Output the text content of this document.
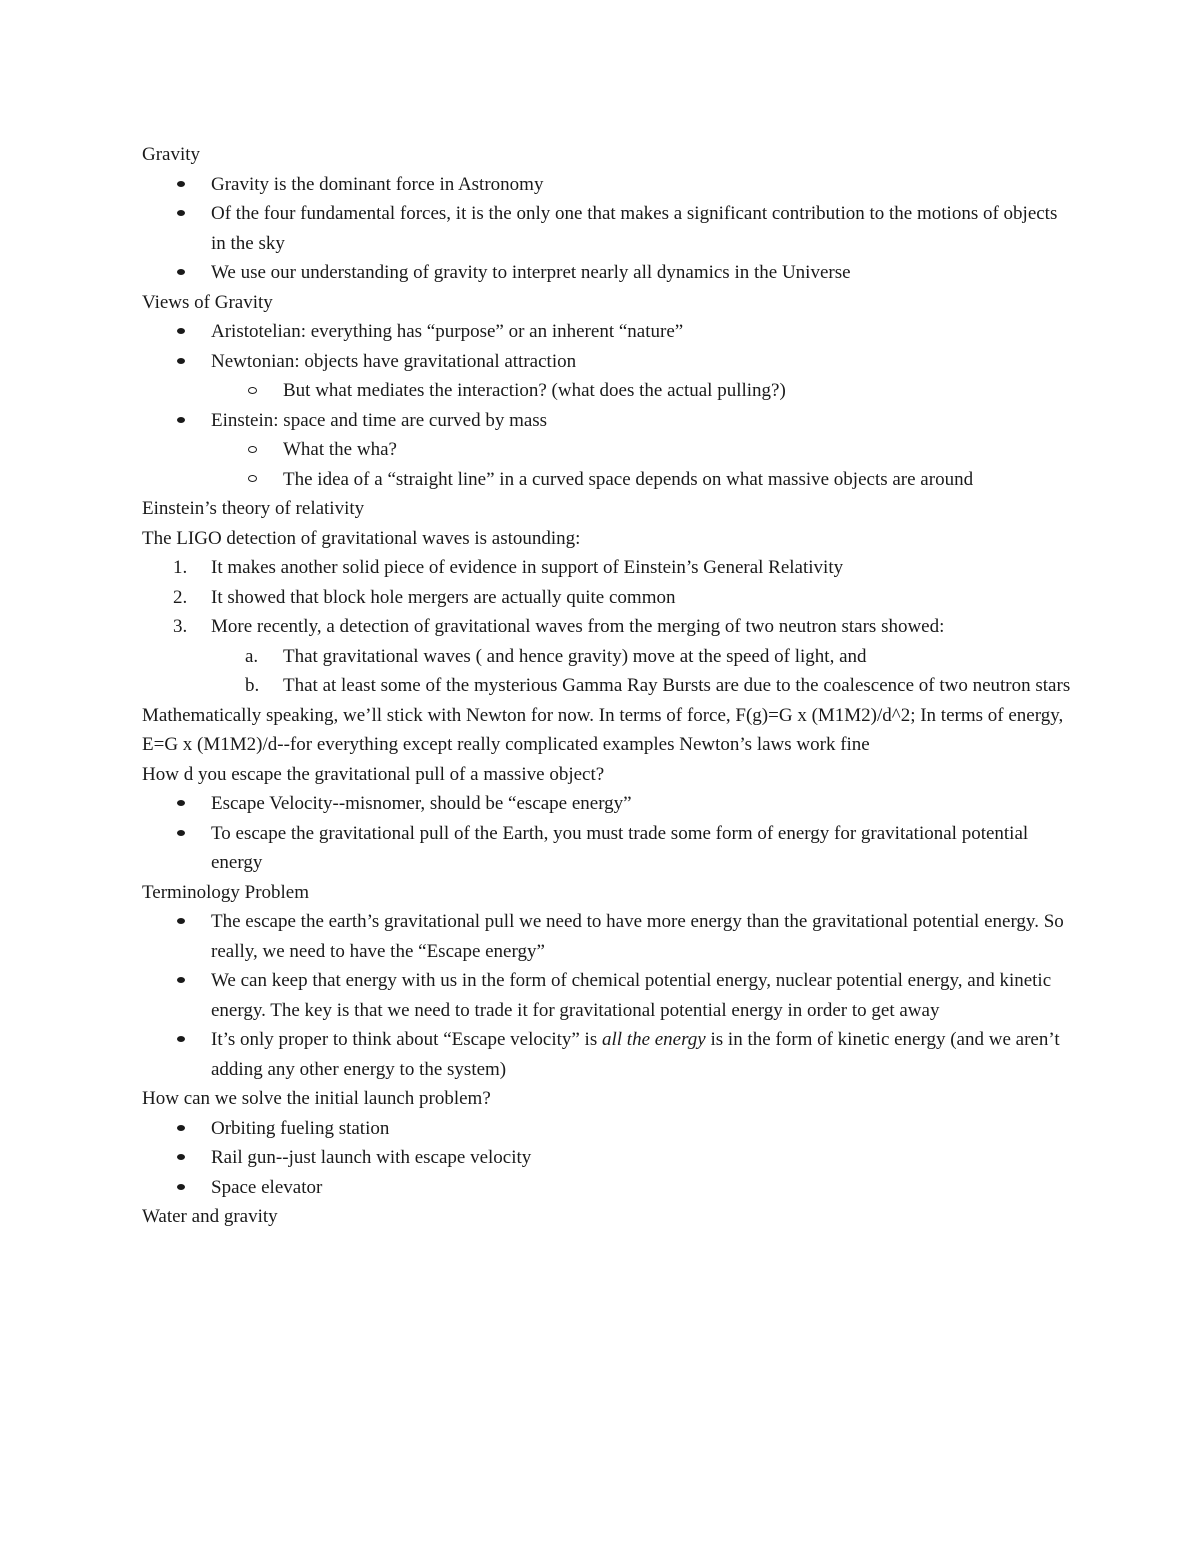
Gravity

Gravity is the dominant force in Astronomy
Of the four fundamental forces, it is the only one that makes a significant contribution to the motions of objects in the sky
We use our understanding of gravity to interpret nearly all dynamics in the Universe

Views of Gravity

Aristotelian: everything has “purpose” or an inherent “nature”
Newtonian: objects have gravitational attraction
But what mediates the interaction? (what does the actual pulling?)
Einstein: space and time are curved by mass
What the wha?
The idea of a “straight line” in a curved space depends on what massive objects are around

Einstein’s theory of relativity

The LIGO detection of gravitational waves is astounding:

1. It makes another solid piece of evidence in support of Einstein’s General Relativity
2. It showed that block hole mergers are actually quite common
3. More recently, a detection of gravitational waves from the merging of two neutron stars showed:
a. That gravitational waves ( and hence gravity) move at the speed of light, and
b. That at least some of the mysterious Gamma Ray Bursts are due to the coalescence of two neutron stars

Mathematically speaking, we’ll stick with Newton for now. In terms of force, F(g)=G x (M1M2)/d^2; In terms of energy, E=G x (M1M2)/d--for everything except really complicated examples Newton’s laws work fine

How d you escape the gravitational pull of a massive object?

Escape Velocity--misnomer, should be “escape energy”
To escape the gravitational pull of the Earth, you must trade some form of energy for gravitational potential energy

Terminology Problem

The escape the earth’s gravitational pull we need to have more energy than the gravitational potential energy. So really, we need to have the “Escape energy”
We can keep that energy with us in the form of chemical potential energy, nuclear potential energy, and kinetic energy. The key is that we need to trade it for gravitational potential energy in order to get away
It’s only proper to think about “Escape velocity” is all the energy is in the form of kinetic energy (and we aren’t adding any other energy to the system)

How can we solve the initial launch problem?

Orbiting fueling station
Rail gun--just launch with escape velocity
Space elevator

Water and gravity
